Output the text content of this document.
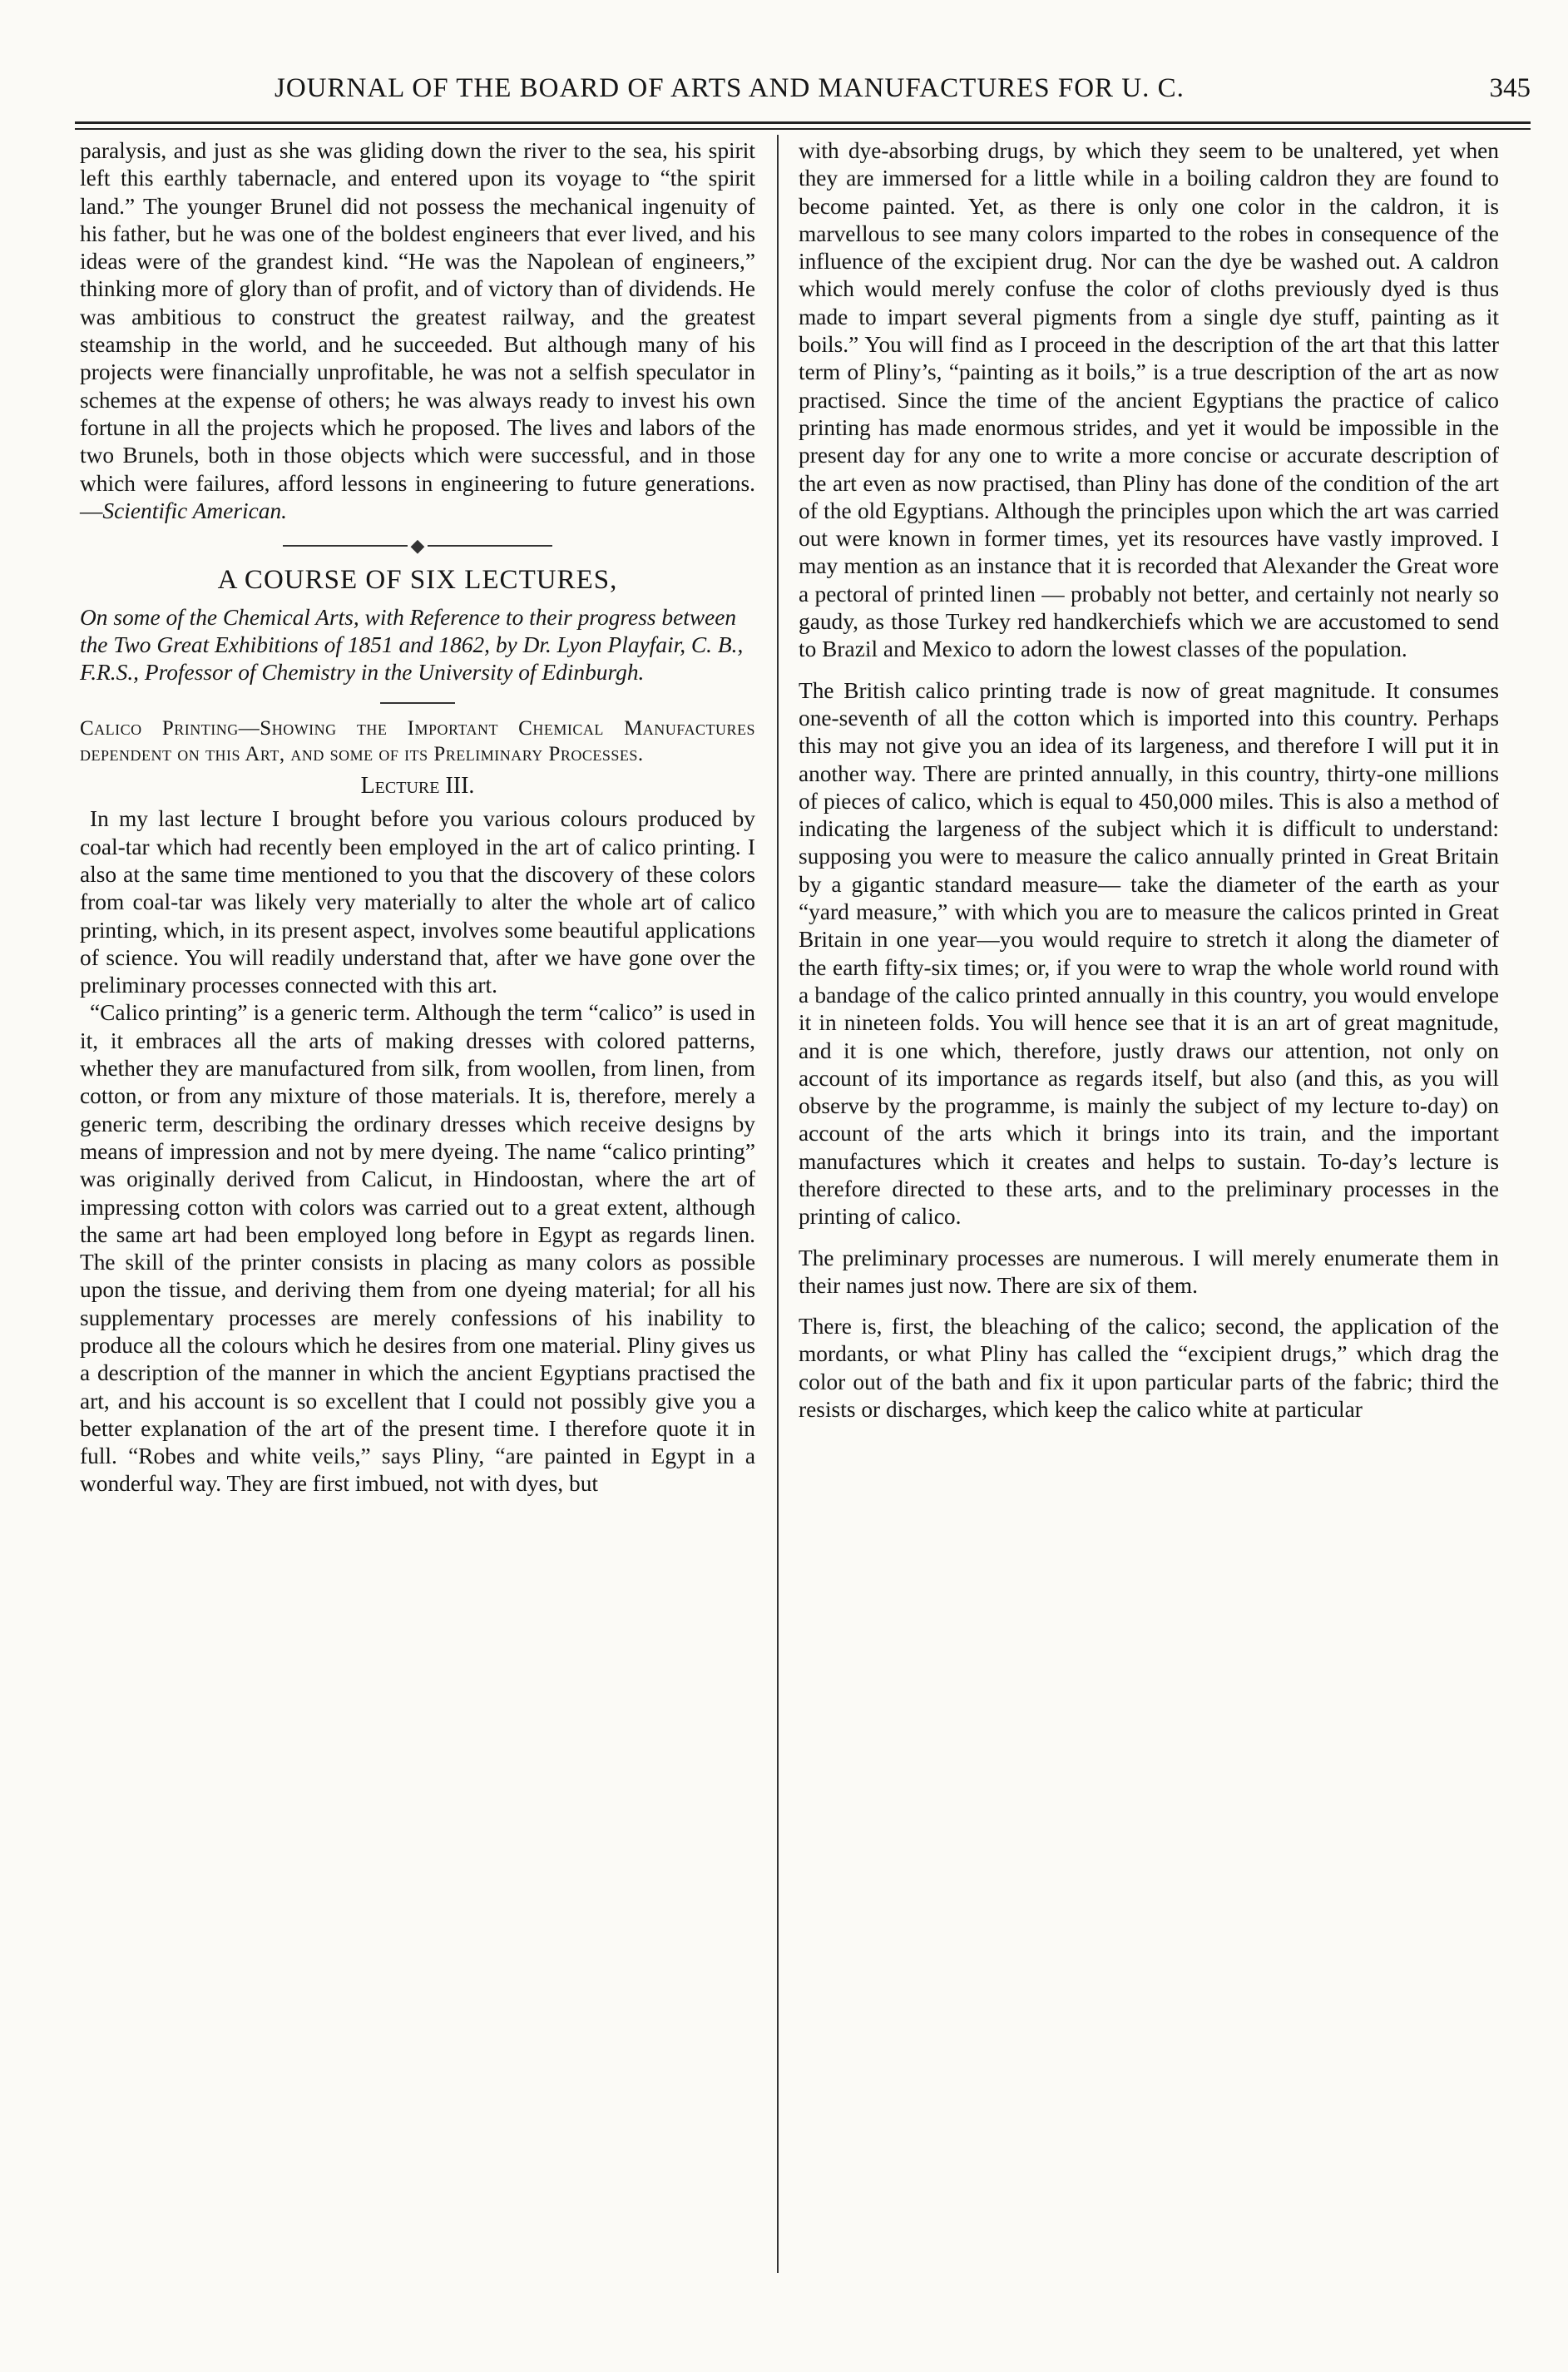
JOURNAL OF THE BOARD OF ARTS AND MANUFACTURES FOR U. C.	345

paralysis, and just as she was gliding down the river to the sea, his spirit left this earthly tabernacle, and entered upon its voyage to “the spirit land.” The younger Brunel did not possess the mechanical ingenuity of his father, but he was one of the boldest engineers that ever lived, and his ideas were of the grandest kind. “He was the Napolean of engineers,” thinking more of glory than of profit, and of victory than of dividends. He was ambitious to construct the greatest railway, and the greatest steamship in the world, and he succeeded. But although many of his projects were financially unprofitable, he was not a selfish speculator in schemes at the expense of others; he was always ready to invest his own fortune in all the projects which he proposed. The lives and labors of the two Brunels, both in those objects which were successful, and in those which were failures, afford lessons in engineering to future generations.—Scientific American.

◆
A COURSE OF SIX LECTURES,
On some of the Chemical Arts, with Reference to their progress between the Two Great Exhibitions of 1851 and 1862, by Dr. Lyon Playfair, C. B., F.R.S., Professor of Chemistry in the University of Edinburgh.
Calico Printing—Showing the Important Chemical Manufactures dependent on this Art, and some of its Preliminary Processes.
Lecture III.

In my last lecture I brought before you various colours produced by coal-tar which had recently been employed in the art of calico printing. I also at the same time mentioned to you that the discovery of these colors from coal-tar was likely very materially to alter the whole art of calico printing, which, in its present aspect, involves some beautiful applications of science. You will readily understand that, after we have gone over the preliminary processes connected with this art.

“Calico printing” is a generic term. Although the term “calico” is used in it, it embraces all the arts of making dresses with colored patterns, whether they are manufactured from silk, from woollen, from linen, from cotton, or from any mixture of those materials. It is, therefore, merely a generic term, describing the ordinary dresses which receive designs by means of impression and not by mere dyeing. The name “calico printing” was originally derived from Calicut, in Hindoostan, where the art of impressing cotton with colors was carried out to a great extent, although the same art had been employed long before in Egypt as regards linen. The skill of the printer consists in placing as many colors as possible upon the tissue, and deriving them from one dyeing material; for all his supplementary processes are merely confessions of his inability to produce all the colours which he desires from one material. Pliny gives us a description of the manner in which the ancient Egyptians practised the art, and his account is so excellent that I could not possibly give you a better explanation of the art of the present time. I therefore quote it in full. “Robes and white veils,” says Pliny, “are painted in Egypt in a wonderful way. They are first imbued, not with dyes, but

with dye-absorbing drugs, by which they seem to be unaltered, yet when they are immersed for a little while in a boiling caldron they are found to become painted. Yet, as there is only one color in the caldron, it is marvellous to see many colors imparted to the robes in consequence of the influence of the excipient drug. Nor can the dye be washed out. A caldron which would merely confuse the color of cloths previously dyed is thus made to impart several pigments from a single dye stuff, painting as it boils.” You will find as I proceed in the description of the art that this latter term of Pliny’s, “painting as it boils,” is a true description of the art as now practised. Since the time of the ancient Egyptians the practice of calico printing has made enormous strides, and yet it would be impossible in the present day for any one to write a more concise or accurate description of the art even as now practised, than Pliny has done of the condition of the art of the old Egyptians. Although the principles upon which the art was carried out were known in former times, yet its resources have vastly improved. I may mention as an instance that it is recorded that Alexander the Great wore a pectoral of printed linen — probably not better, and certainly not nearly so gaudy, as those Turkey red handkerchiefs which we are accustomed to send to Brazil and Mexico to adorn the lowest classes of the population.

The British calico printing trade is now of great magnitude. It consumes one-seventh of all the cotton which is imported into this country. Perhaps this may not give you an idea of its largeness, and therefore I will put it in another way. There are printed annually, in this country, thirty-one millions of pieces of calico, which is equal to 450,000 miles. This is also a method of indicating the largeness of the subject which it is difficult to understand: supposing you were to measure the calico annually printed in Great Britain by a gigantic standard measure— take the diameter of the earth as your “yard measure,” with which you are to measure the calicos printed in Great Britain in one year—you would require to stretch it along the diameter of the earth fifty-six times; or, if you were to wrap the whole world round with a bandage of the calico printed annually in this country, you would envelope it in nineteen folds. You will hence see that it is an art of great magnitude, and it is one which, therefore, justly draws our attention, not only on account of its importance as regards itself, but also (and this, as you will observe by the programme, is mainly the subject of my lecture to-day) on account of the arts which it brings into its train, and the important manufactures which it creates and helps to sustain. To-day’s lecture is therefore directed to these arts, and to the preliminary processes in the printing of calico.

The preliminary processes are numerous. I will merely enumerate them in their names just now. There are six of them.

There is, first, the bleaching of the calico; second, the application of the mordants, or what Pliny has called the “excipient drugs,” which drag the color out of the bath and fix it upon particular parts of the fabric; third the resists or discharges, which keep the calico white at particular
